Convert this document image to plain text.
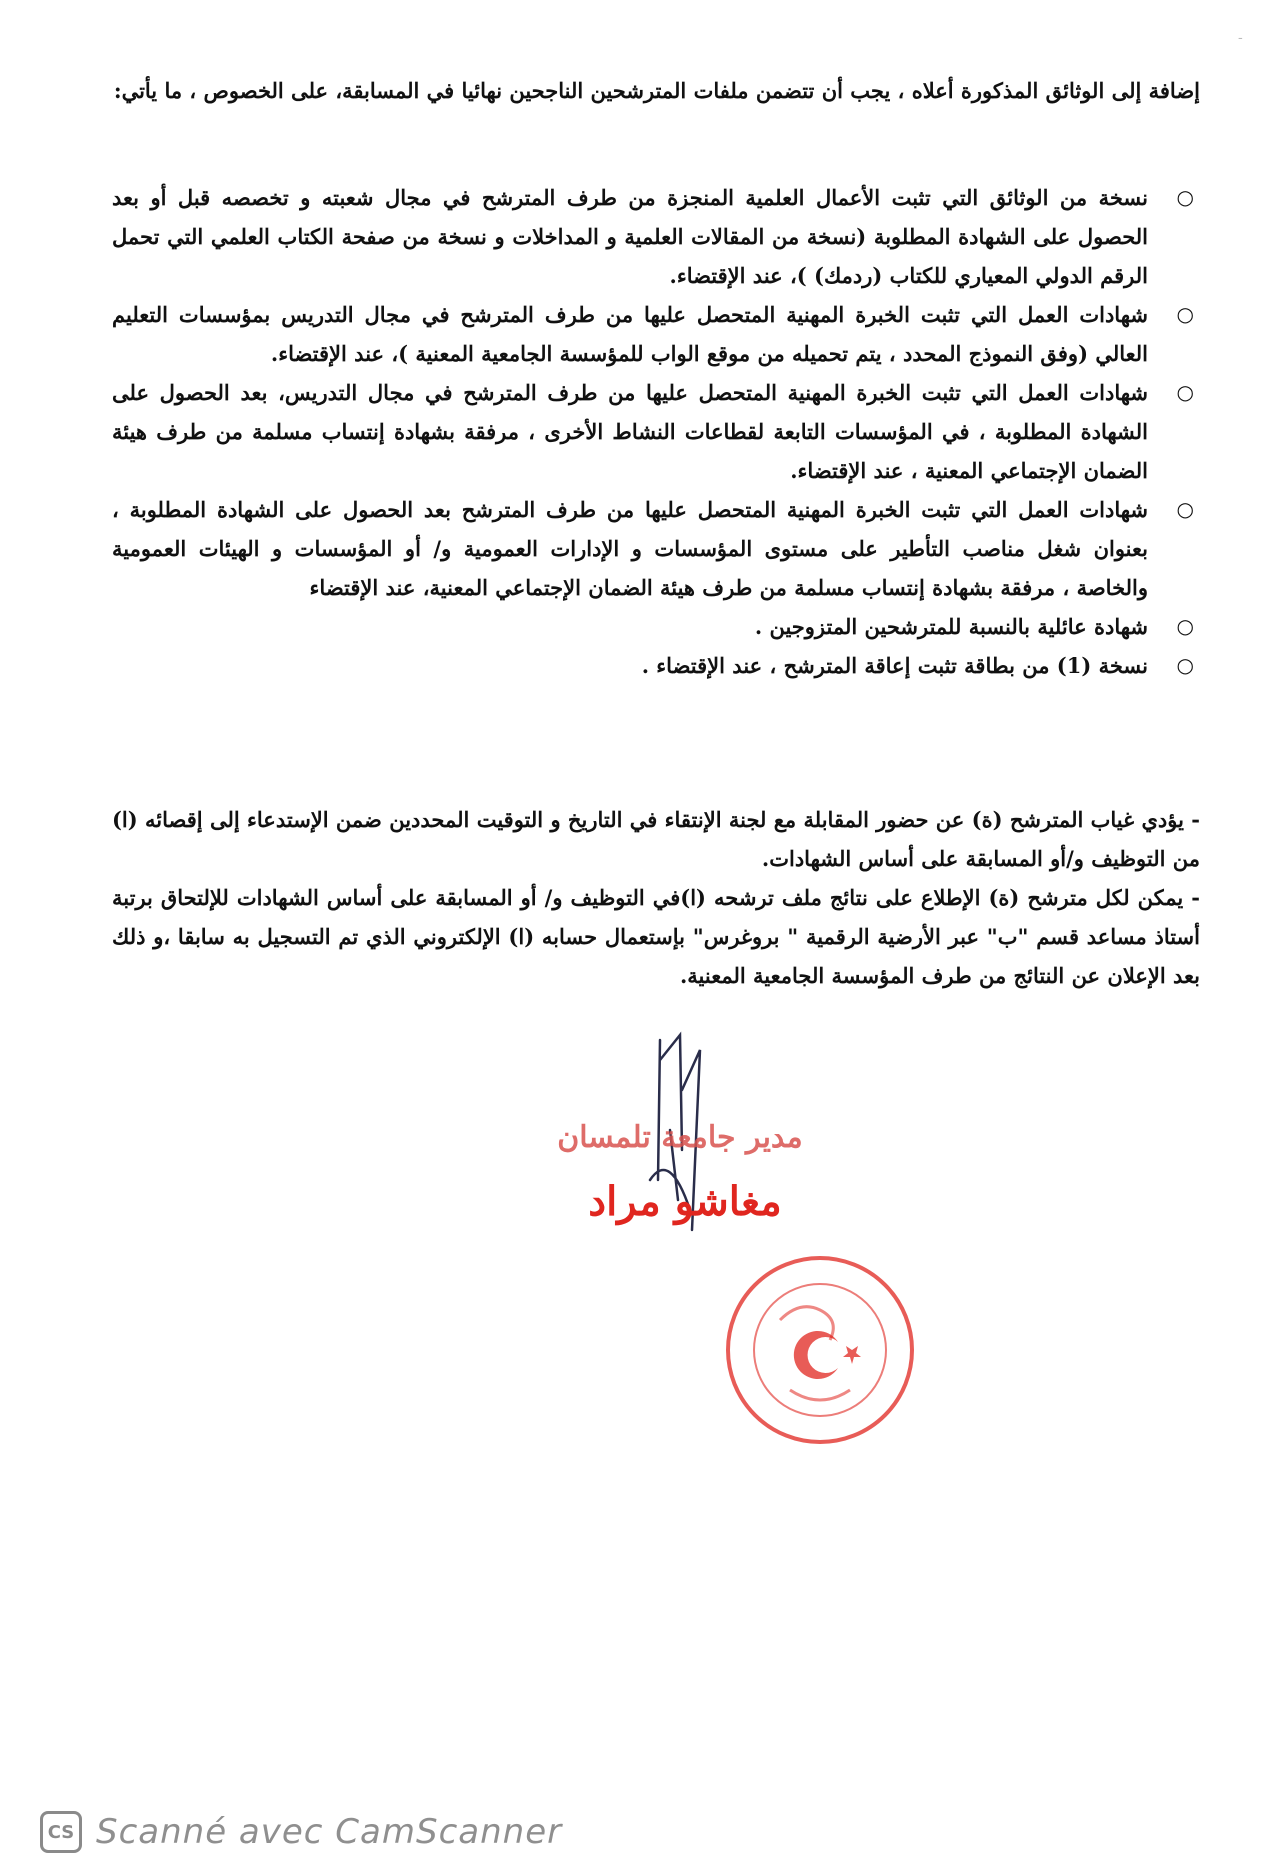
-

إضافة إلى الوثائق المذكورة أعلاه ، يجب أن تتضمن ملفات المترشحين الناجحين نهائيا في المسابقة، على الخصوص ، ما يأتي:

○
نسخة من الوثائق التي تثبت الأعمال العلمية المنجزة من طرف المترشح في مجال شعبته و تخصصه قبل أو بعد الحصول على الشهادة المطلوبة (نسخة من المقالات العلمية و المداخلات و نسخة من صفحة الكتاب العلمي التي تحمل الرقم الدولي المعياري للكتاب (ردمك) )، عند الإقتضاء.

○
شهادات العمل التي تثبت الخبرة المهنية المتحصل عليها من طرف المترشح في مجال التدريس بمؤسسات التعليم العالي (وفق النموذج المحدد ، يتم تحميله من موقع الواب للمؤسسة الجامعية المعنية )، عند الإقتضاء.

○
شهادات العمل التي تثبت الخبرة المهنية المتحصل عليها من طرف المترشح في مجال التدريس، بعد الحصول على الشهادة المطلوبة ، في المؤسسات التابعة لقطاعات النشاط الأخرى ، مرفقة بشهادة إنتساب مسلمة من طرف هيئة الضمان الإجتماعي المعنية ، عند الإقتضاء.

○
شهادات العمل التي تثبت الخبرة المهنية المتحصل عليها من طرف المترشح بعد الحصول على الشهادة المطلوبة ، بعنوان شغل مناصب التأطير على مستوى المؤسسات و الإدارات العمومية و/ أو المؤسسات و الهيئات العمومية والخاصة ، مرفقة بشهادة إنتساب مسلمة من طرف هيئة الضمان الإجتماعي المعنية، عند الإقتضاء

○
شهادة عائلية بالنسبة للمترشحين المتزوجين .

○
نسخة (1) من بطاقة تثبت إعاقة المترشح ، عند الإقتضاء .

- يؤدي غياب المترشح (ة) عن حضور المقابلة مع لجنة الإنتقاء في التاريخ و التوقيت المحددين ضمن الإستدعاء إلى إقصائه (ا) من التوظيف و/أو المسابقة على أساس الشهادات.

- يمكن لكل مترشح (ة) الإطلاع على نتائج ملف ترشحه (ا)في التوظيف و/ أو المسابقة على أساس الشهادات للإلتحاق برتبة أستاذ مساعد قسم "ب" عبر الأرضية الرقمية " بروغرس" بإستعمال حسابه (ا) الإلكتروني الذي تم التسجيل به سابقا ،و ذلك بعد الإعلان عن النتائج من طرف المؤسسة الجامعية المعنية.

مدير جامعة تلمسان
مغاشو مراد
CS Scanné avec CamScanner
